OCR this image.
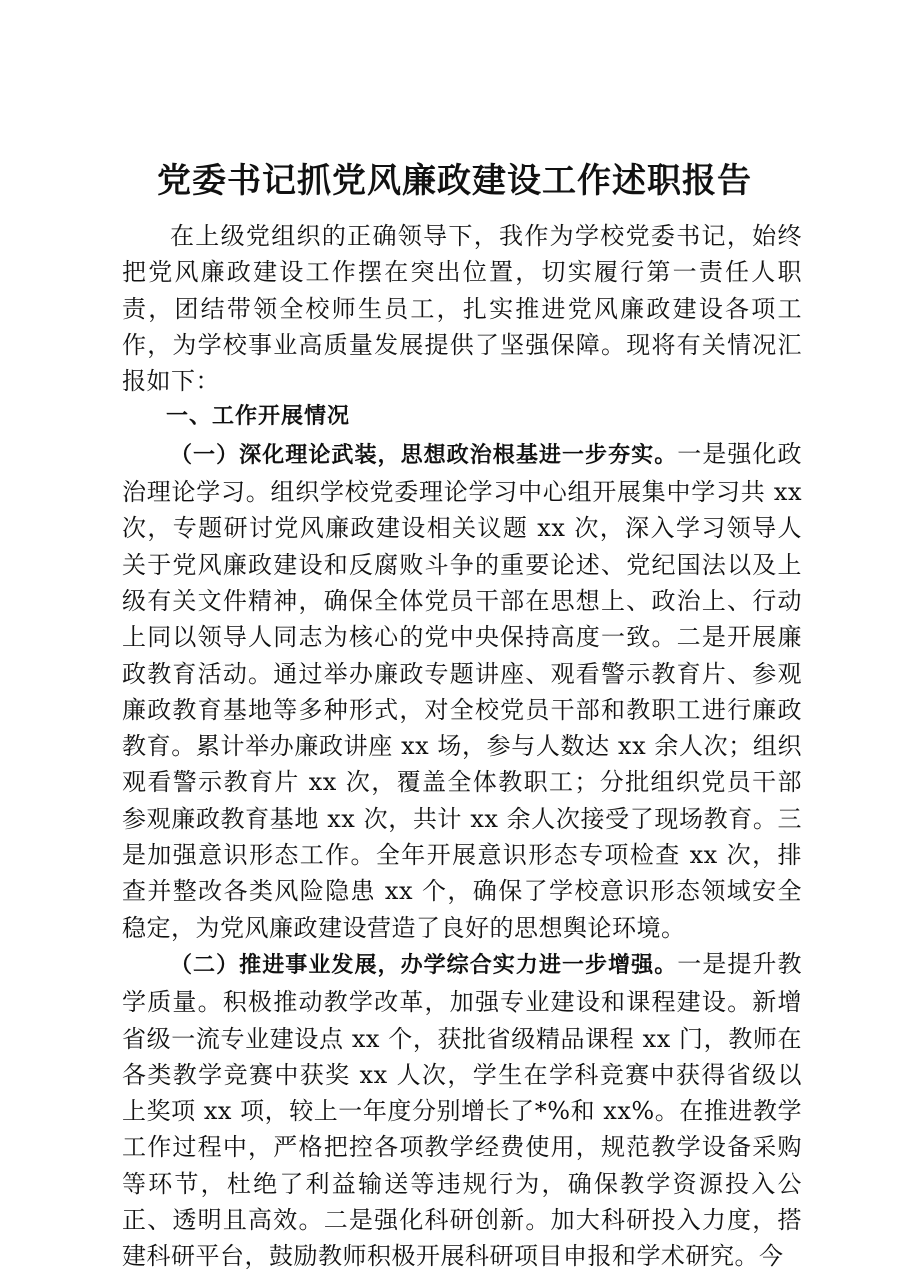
党委书记抓党风廉政建设工作述职报告

在上级党组织的正确领导下，我作为学校党委书记，始终把党风廉政建设工作摆在突出位置，切实履行第一责任人职责，团结带领全校师生员工，扎实推进党风廉政建设各项工作，为学校事业高质量发展提供了坚强保障。现将有关情况汇报如下：

一、工作开展情况

（一）深化理论武装，思想政治根基进一步夯实。一是强化政治理论学习。组织学校党委理论学习中心组开展集中学习共 xx 次，专题研讨党风廉政建设相关议题 xx 次，深入学习领导人关于党风廉政建设和反腐败斗争的重要论述、党纪国法以及上级有关文件精神，确保全体党员干部在思想上、政治上、行动上同以领导人同志为核心的党中央保持高度一致。二是开展廉政教育活动。通过举办廉政专题讲座、观看警示教育片、参观廉政教育基地等多种形式，对全校党员干部和教职工进行廉政教育。累计举办廉政讲座 xx 场，参与人数达 xx 余人次；组织观看警示教育片 xx 次，覆盖全体教职工；分批组织党员干部参观廉政教育基地 xx 次，共计 xx 余人次接受了现场教育。三是加强意识形态工作。全年开展意识形态专项检查 xx 次，排查并整改各类风险隐患 xx 个，确保了学校意识形态领域安全稳定，为党风廉政建设营造了良好的思想舆论环境。

（二）推进事业发展，办学综合实力进一步增强。一是提升教学质量。积极推动教学改革，加强专业建设和课程建设。新增省级一流专业建设点 xx 个，获批省级精品课程 xx 门，教师在各类教学竞赛中获奖 xx 人次，学生在学科竞赛中获得省级以上奖项 xx 项，较上一年度分别增长了*%和 xx%。在推进教学工作过程中，严格把控各项教学经费使用，规范教学设备采购等环节，杜绝了利益输送等违规行为，确保教学资源投入公正、透明且高效。二是强化科研创新。加大科研投入力度，搭建科研平台，鼓励教师积极开展科研项目申报和学术研究。今
